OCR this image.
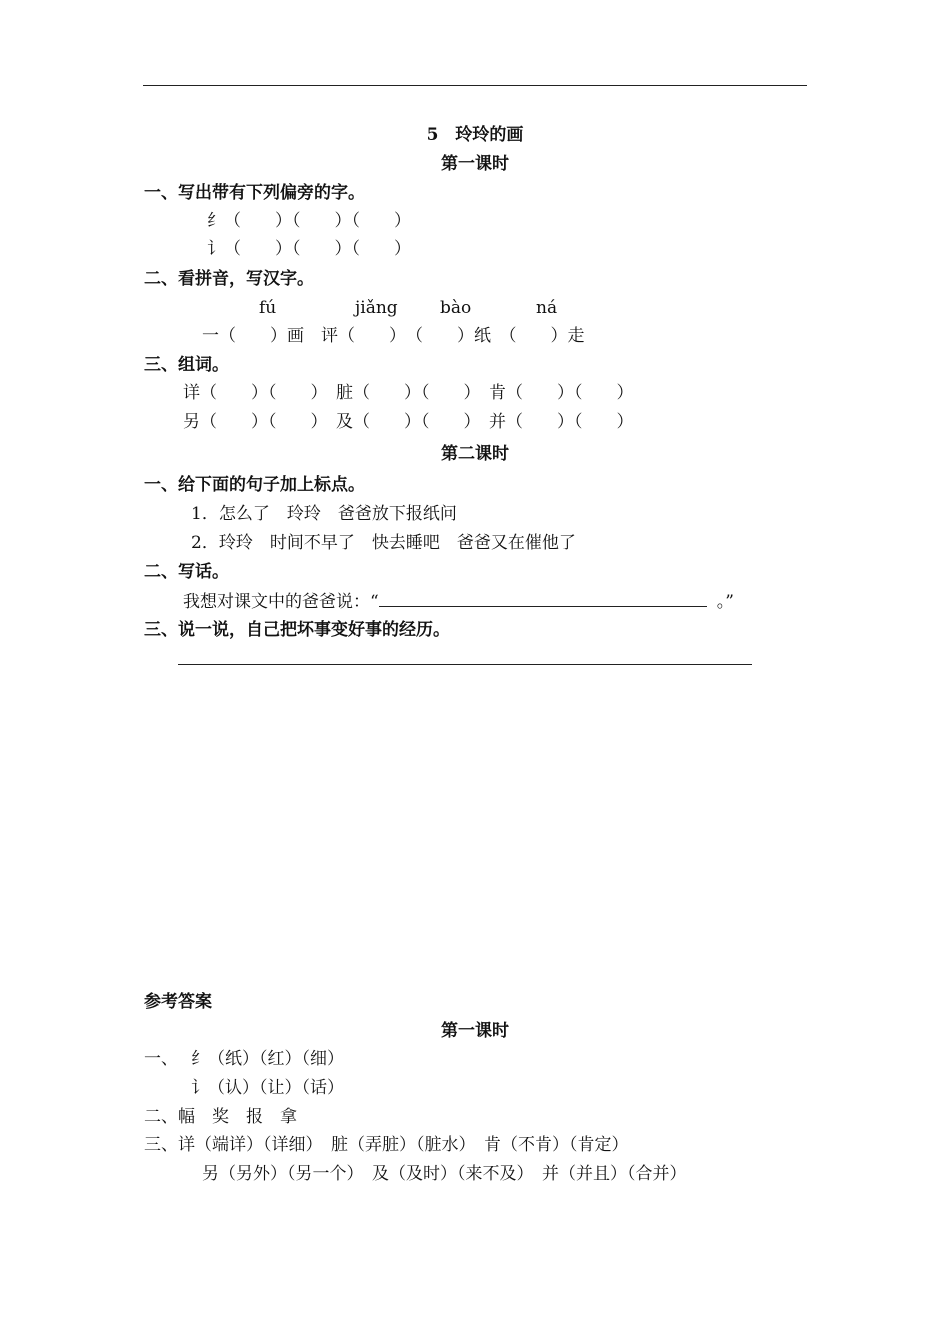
5　玲玲的画
第一课时
一、写出带有下列偏旁的字。
纟（　　）（　　）（　　）
讠（　　）（　　）（　　）
二、看拼音，写汉字。
fú	jiǎng bào	ná
一（　　）画　评（　　）　（　　）纸　（　　）走
三、组词。
详（　　）（　　）　脏（　　）（　　）　肯（　　）（　　）
另（　　）（　　）　及（　　）（　　）　并（　　）（　　）
第二课时
一、给下面的句子加上标点。
1．怎么了　玲玲　爸爸放下报纸问
2．玲玲　时间不早了　快去睡吧　爸爸又在催他了
二、写话。
我想对课文中的爸爸说：“	。”
三、说一说，自己把坏事变好事的经历。
参考答案
第一课时
一、 纟（纸）（红）（细）
讠（认）（让）（话）
二、幅　奖　报　拿
三、详（端详）（详细）　脏（弄脏）（脏水）　肯（不肯）（肯定）
另（另外）（另一个）　及（及时）（来不及）　并（并且）（合并）
